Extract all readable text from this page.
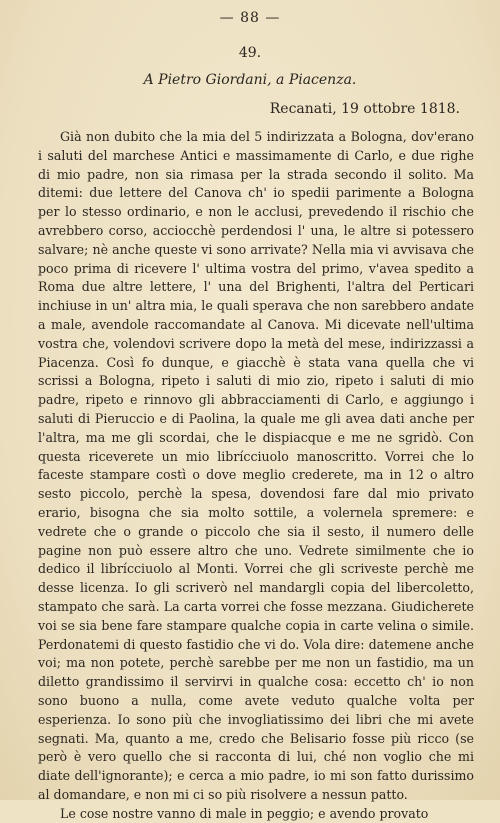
— 88 —
49.
A Pietro Giordani, a Piacenza.
Recanati, 19 ottobre 1818.

Già non dubito che la mia del 5 indirizzata a Bologna, dov'erano i saluti del marchese Antici e massimamente di Carlo, e due righe di mio padre, non sia rimasa per la strada secondo il solito. Ma ditemi: due lettere del Canova ch' io spedii parimente a Bologna per lo stesso ordinario, e non le acclusi, prevedendo il rischio che avrebbero corso, acciocchè perdendosi l' una, le altre si potessero salvare; nè anche queste vi sono arrivate? Nella mia vi avvisava che poco prima di ricevere l' ultima vostra del primo, v'avea spedito a Roma due altre lettere, l' una del Brighenti, l'altra del Perticari inchiuse in un' altra mia, le quali sperava che non sarebbero andate a male, avendole raccomandate al Canova. Mi dicevate nell'ultima vostra che, volendovi scrivere dopo la metà del mese, indirizzassi a Piacenza. Così fo dunque, e giacchè è stata vana quella che vi scrissi a Bologna, ripeto i saluti di mio zio, ripeto i saluti di mio padre, ripeto e rinnovo gli abbracciamenti di Carlo, e aggiungo i saluti di Pieruccio e di Paolina, la quale me gli avea dati anche per l'altra, ma me gli scordai, che le dispiacque e me ne sgridò. Con questa riceverete un mio librícciuolo manoscritto. Vorrei che lo faceste stampare costì o dove meglio crederete, ma in 12 o altro sesto piccolo, perchè la spesa, dovendosi fare dal mio privato erario, bisogna che sia molto sottile, a volernela spremere: e vedrete che o grande o piccolo che sia il sesto, il numero delle pagine non può essere altro che uno. Vedrete similmente che io dedico il librícciuolo al Monti. Vorrei che gli scriveste perchè me desse licenza. Io gli scriverò nel mandargli copia del libercoletto, stampato che sarà. La carta vorrei che fosse mezzana. Giudicherete voi se sia bene fare stampare qualche copia in carte velina o simile. Perdonatemi di questo fastidio che vi do. Vola dire: datemene anche voi; ma non potete, perchè sarebbe per me non un fastidio, ma un diletto grandissimo il servirvi in qualche cosa: eccetto ch' io non sono buono a nulla, come avete veduto qualche volta per esperienza. Io sono più che invogliatissimo dei libri che mi avete segnati. Ma, quanto a me, credo che Belisario fosse più ricco (se però è vero quello che si racconta di lui, ché non voglio che mi diate dell'ignorante); e cerca a mio padre, io mi son fatto durissimo al domandare, e non mi ci so più risolvere a nessun patto.

Le cose nostre vanno di male in peggio; e avendo provato
